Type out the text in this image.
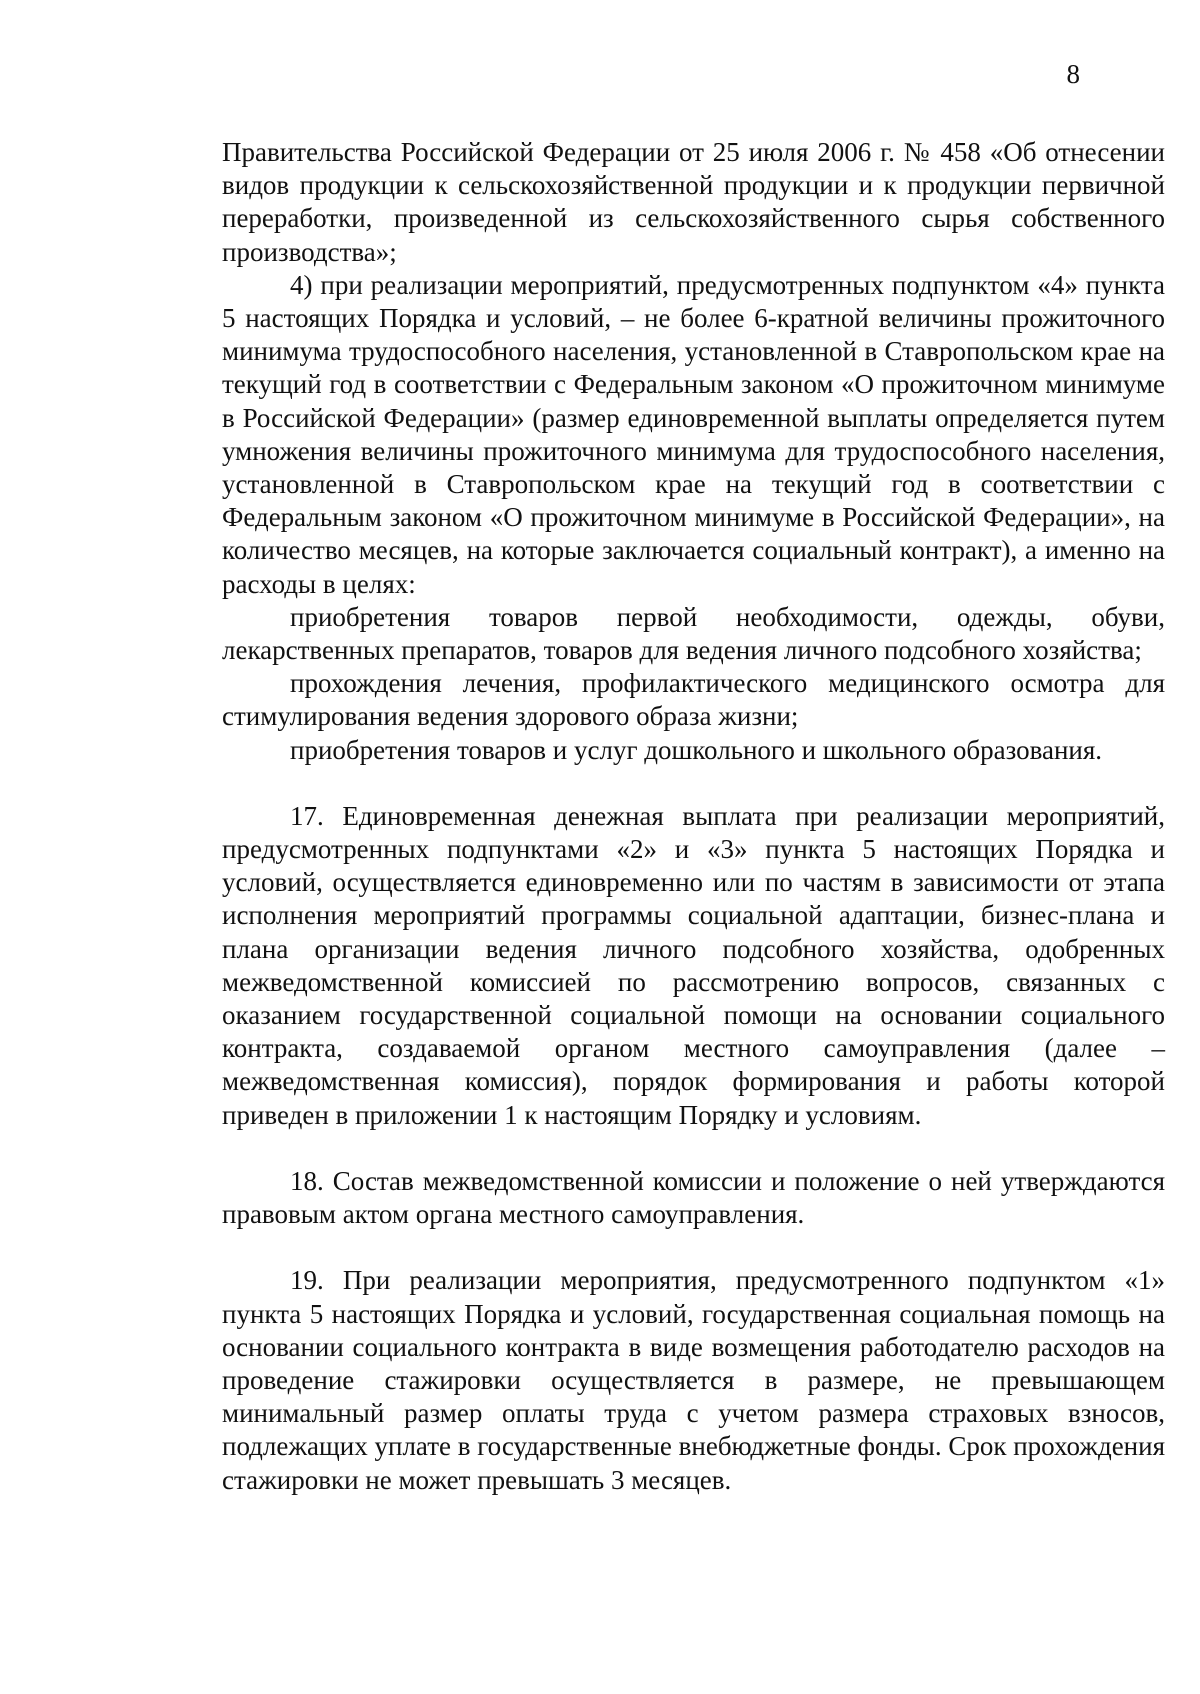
8

Правительства Российской Федерации от 25 июля 2006 г. № 458 «Об отнесении видов продукции к сельскохозяйственной продукции и к продукции первичной переработки, произведенной из сельскохозяйственного сырья собственного производства»;

4) при реализации мероприятий, предусмотренных подпунктом «4» пункта 5 настоящих Порядка и условий, – не более 6-кратной величины прожиточного минимума трудоспособного населения, установленной в Ставропольском крае на текущий год в соответствии с Федеральным законом «О прожиточном минимуме в Российской Федерации» (размер единовременной выплаты определяется путем умножения величины прожиточного минимума для трудоспособного населения, установленной в Ставропольском крае на текущий год в соответствии с Федеральным законом «О прожиточном минимуме в Российской Федерации», на количество месяцев, на которые заключается социальный контракт), а именно на расходы в целях:

приобретения товаров первой необходимости, одежды, обуви, лекарственных препаратов, товаров для ведения личного подсобного хозяйства;

прохождения лечения, профилактического медицинского осмотра для стимулирования ведения здорового образа жизни;

приобретения товаров и услуг дошкольного и школьного образования.

17. Единовременная денежная выплата при реализации мероприятий, предусмотренных подпунктами «2» и «3» пункта 5 настоящих Порядка и условий, осуществляется единовременно или по частям в зависимости от этапа исполнения мероприятий программы социальной адаптации, бизнес-плана и плана организации ведения личного подсобного хозяйства, одобренных межведомственной комиссией по рассмотрению вопросов, связанных с оказанием государственной социальной помощи на основании социального контракта, создаваемой органом местного самоуправления (далее – межведомственная комиссия), порядок формирования и работы которой приведен в приложении 1 к настоящим Порядку и условиям.

18. Состав межведомственной комиссии и положение о ней утверждаются правовым актом органа местного самоуправления.

19. При реализации мероприятия, предусмотренного подпунктом «1» пункта 5 настоящих Порядка и условий, государственная социальная помощь на основании социального контракта в виде возмещения работодателю расходов на проведение стажировки осуществляется в размере, не превышающем минимальный размер оплаты труда с учетом размера страховых взносов, подлежащих уплате в государственные внебюджетные фонды. Срок прохождения стажировки не может превышать 3 месяцев.
